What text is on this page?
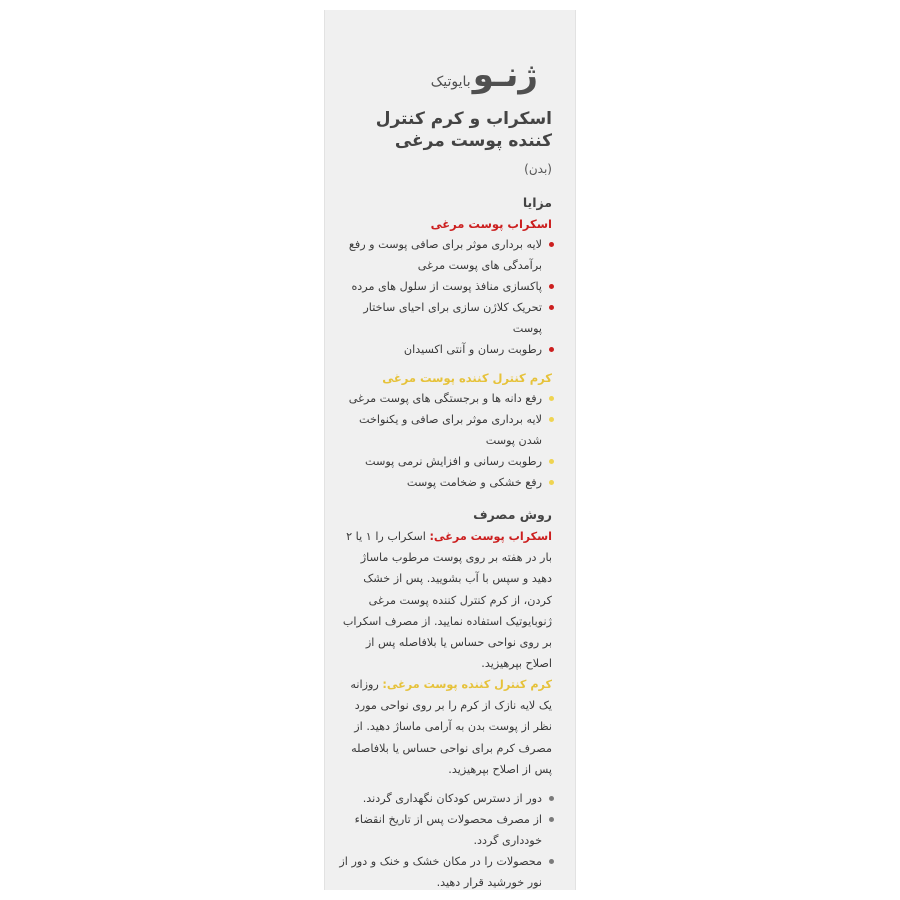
ژنـو
بایوتیک
اسکراب و کرم کنترل کننده پوست مرغی
(بدن)
مزایا
اسکراب پوست مرغی
لایه برداری موثر برای صافی پوست و رفع برآمدگی های پوست مرغی
پاکسازی منافذ پوست از سلول های مرده
تحریک کلاژن سازی برای احیای ساختار پوست
رطوبت رسان و آنتی اکسیدان
کرم کنترل کننده پوست مرغی
رفع دانه ها و برجستگی های پوست مرغی
لایه برداری موثر برای صافی و یکنواخت شدن پوست
رطوبت رسانی و افزایش نرمی پوست
رفع خشکی و ضخامت پوست
روش مصرف
اسکراب پوست مرغی: اسکراب را ۱ یا ۲ بار در هفته بر روی پوست مرطوب ماساژ دهید و سپس با آب بشویید. پس از خشک کردن، از کرم کنترل کننده پوست مرغی ژنوبایوتیک استفاده نمایید. از مصرف اسکراب بر روی نواحی حساس یا بلافاصله پس از اصلاح بپرهیزید.
کرم کنترل کننده پوست مرغی: روزانه یک لایه نازک از کرم را بر روی نواحی مورد نظر از پوست بدن به آرامی ماساژ دهید. از مصرف کرم برای نواحی حساس یا بلافاصله پس از اصلاح بپرهیزید.
دور از دسترس کودکان نگهداری گردند.
از مصرف محصولات پس از تاریخ انقضاء خودداری گردد.
محصولات را در مکان خشک و خنک و دور از نور خورشید قرار دهید.
